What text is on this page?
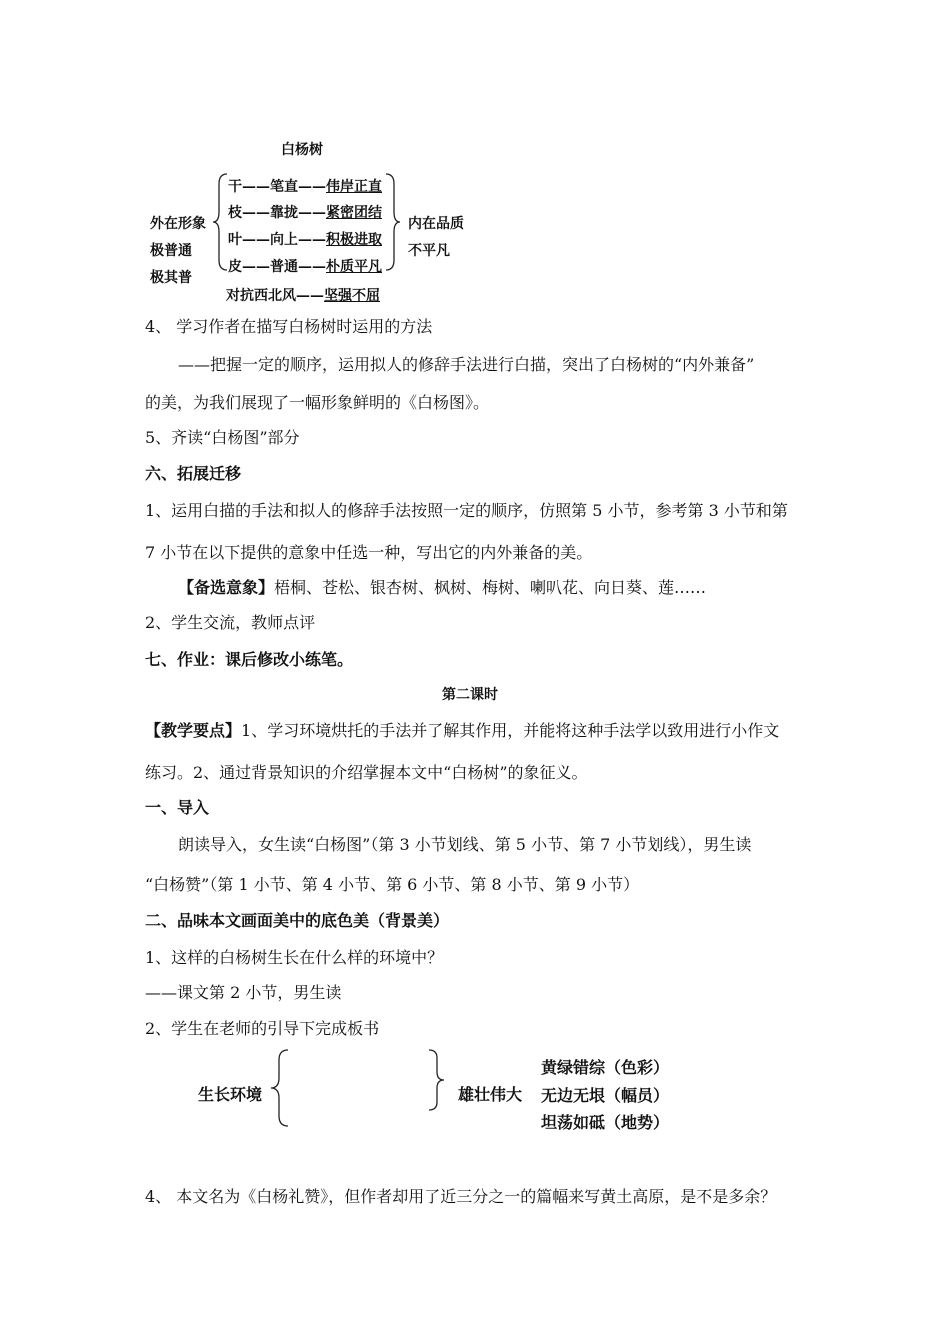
白杨树
外在形象
极普通
极其普
干——笔直——伟岸正直
枝——靠拢——紧密团结
叶——向上——积极进取
皮——普通——朴质平凡
内在品质
不平凡
对抗西北风——坚强不屈
4、 学习作者在描写白杨树时运用的方法
——把握一定的顺序，运用拟人的修辞手法进行白描，突出了白杨树的“内外兼备”
的美，为我们展现了一幅形象鲜明的《白杨图》。
5、齐读“白杨图”部分
六、拓展迁移
1、运用白描的手法和拟人的修辞手法按照一定的顺序，仿照第 5 小节，参考第 3 小节和第
7 小节在以下提供的意象中任选一种，写出它的内外兼备的美。
【备选意象】梧桐、苍松、银杏树、枫树、梅树、喇叭花、向日葵、莲……
2、学生交流，教师点评
七、作业：课后修改小练笔。
第二课时
【教学要点】1、学习环境烘托的手法并了解其作用，并能将这种手法学以致用进行小作文
练习。2、通过背景知识的介绍掌握本文中“白杨树”的象征义。
一、导入
朗读导入，女生读“白杨图”（第 3 小节划线、第 5 小节、第 7 小节划线），男生读
“白杨赞”（第 1 小节、第 4 小节、第 6 小节、第 8 小节、第 9 小节）
二、品味本文画面美中的底色美（背景美）
1、这样的白杨树生长在什么样的环境中？
——课文第 2 小节，男生读
2、学生在老师的引导下完成板书
生长环境	雄壮伟大
黄绿错综（色彩）
无边无垠（幅员）
坦荡如砥（地势）
4、 本文名为《白杨礼赞》，但作者却用了近三分之一的篇幅来写黄土高原，是不是多余？
